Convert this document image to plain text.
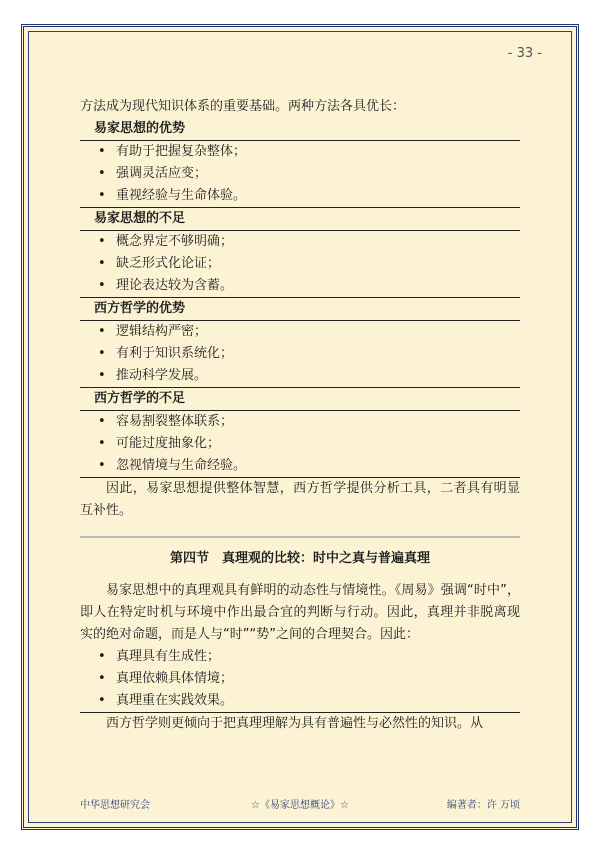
- 33 -

方法成为现代知识体系的重要基础。两种方法各具优长：

易家思想的优势
• 有助于把握复杂整体；
• 强调灵活应变；
• 重视经验与生命体验。
易家思想的不足
• 概念界定不够明确；
• 缺乏形式化论证；
• 理论表达较为含蓄。
西方哲学的优势
• 逻辑结构严密；
• 有利于知识系统化；
• 推动科学发展。
西方哲学的不足
• 容易割裂整体联系；
• 可能过度抽象化；
• 忽视情境与生命经验。

因此，易家思想提供整体智慧，西方哲学提供分析工具，二者具有明显互补性。

第四节　真理观的比较：时中之真与普遍真理

易家思想中的真理观具有鲜明的动态性与情境性。《周易》强调“时中”，即人在特定时机与环境中作出最合宜的判断与行动。因此，真理并非脱离现实的绝对命题，而是人与“时”“势”之间的合理契合。因此：

• 真理具有生成性；
• 真理依赖具体情境；
• 真理重在实践效果。

西方哲学则更倾向于把真理理解为具有普遍性与必然性的知识。从

中华思想研究会	☆《易家思想概论》☆	编著者：许 万顷
